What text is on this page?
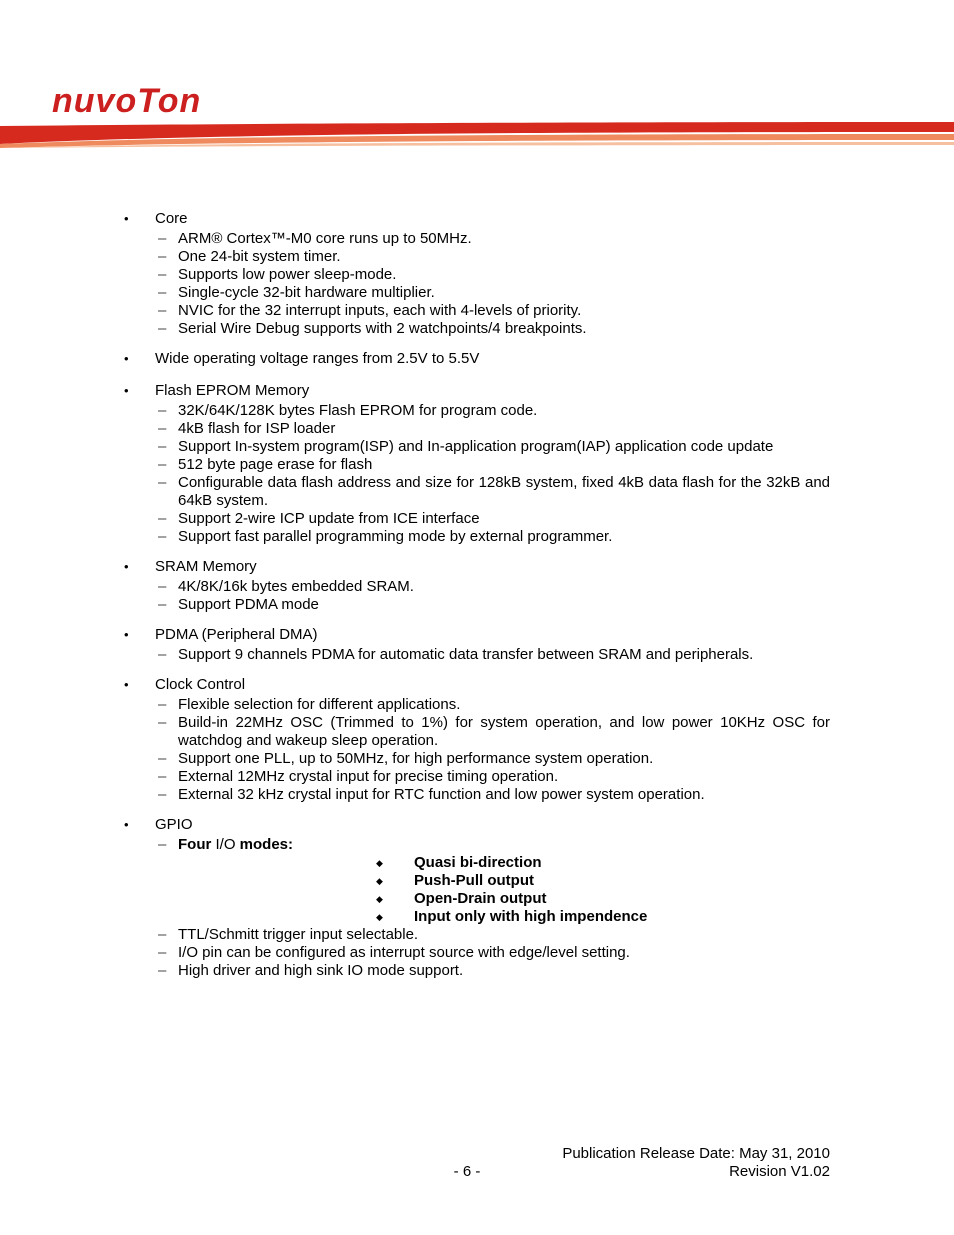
nuvoTon
• Core
– ARM® Cortex™-M0 core runs up to 50MHz.
– One 24-bit system timer.
– Supports low power sleep-mode.
– Single-cycle 32-bit hardware multiplier.
– NVIC for the 32 interrupt inputs, each with 4-levels of priority.
– Serial Wire Debug supports with 2 watchpoints/4 breakpoints.
• Wide operating voltage ranges from 2.5V to 5.5V
• Flash EPROM Memory
– 32K/64K/128K bytes Flash EPROM for program code.
– 4kB flash for ISP loader
– Support In-system program(ISP) and In-application program(IAP) application code update
– 512 byte page erase for flash
– Configurable data flash address and size for 128kB system, fixed 4kB data flash for the 32kB and 64kB system.
– Support 2-wire ICP update from ICE interface
– Support fast parallel programming mode by external programmer.
• SRAM Memory
– 4K/8K/16k bytes embedded SRAM.
– Support PDMA mode
• PDMA (Peripheral DMA)
– Support 9 channels PDMA for automatic data transfer between SRAM and peripherals.
• Clock Control
– Flexible selection for different applications.
– Build-in 22MHz OSC (Trimmed to 1%) for system operation, and low power 10KHz OSC for watchdog and wakeup sleep operation.
– Support one PLL, up to 50MHz, for high performance system operation.
– External 12MHz crystal input for precise timing operation.
– External 32 kHz crystal input for RTC function and low power system operation.
• GPIO
– Four I/O modes:
◆ Quasi bi-direction
◆ Push-Pull output
◆ Open-Drain output
◆ Input only with high impendence
– TTL/Schmitt trigger input selectable.
– I/O pin can be configured as interrupt source with edge/level setting.
– High driver and high sink IO mode support.
Publication Release Date: May 31, 2010
- 6 -	Revision V1.02
